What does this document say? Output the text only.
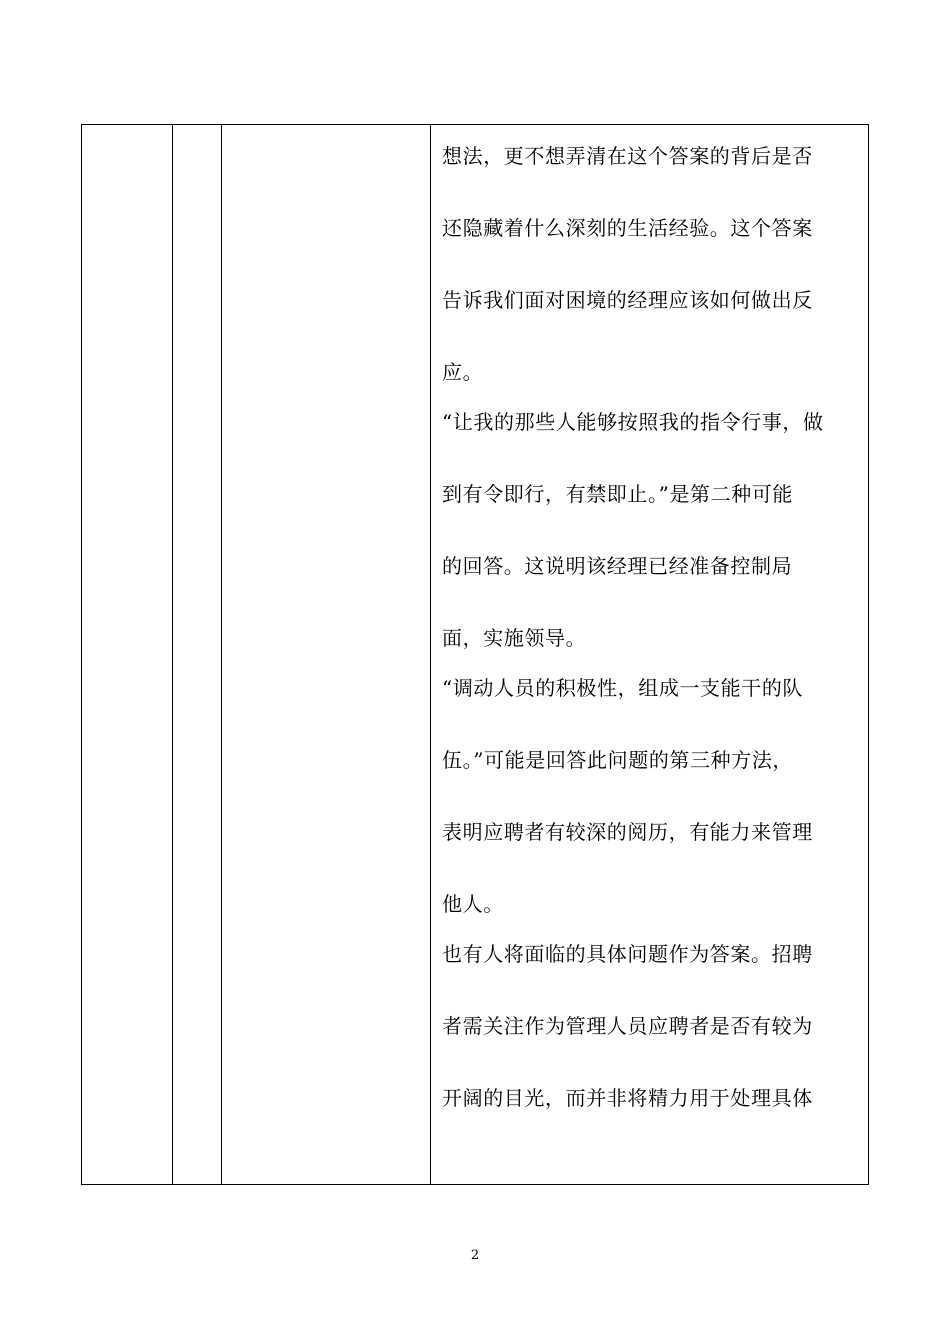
想法，更不想弄清在这个答案的背后是否
还隐藏着什么深刻的生活经验。这个答案
告诉我们面对困境的经理应该如何做出反
应。
“让我的那些人能够按照我的指令行事，做
到有令即行，有禁即止。”是第二种可能
的回答。这说明该经理已经准备控制局
面，实施领导。
“调动人员的积极性，组成一支能干的队
伍。”可能是回答此问题的第三种方法，
表明应聘者有较深的阅历，有能力来管理
他人。
也有人将面临的具体问题作为答案。招聘
者需关注作为管理人员应聘者是否有较为
开阔的目光，而并非将精力用于处理具体
2
